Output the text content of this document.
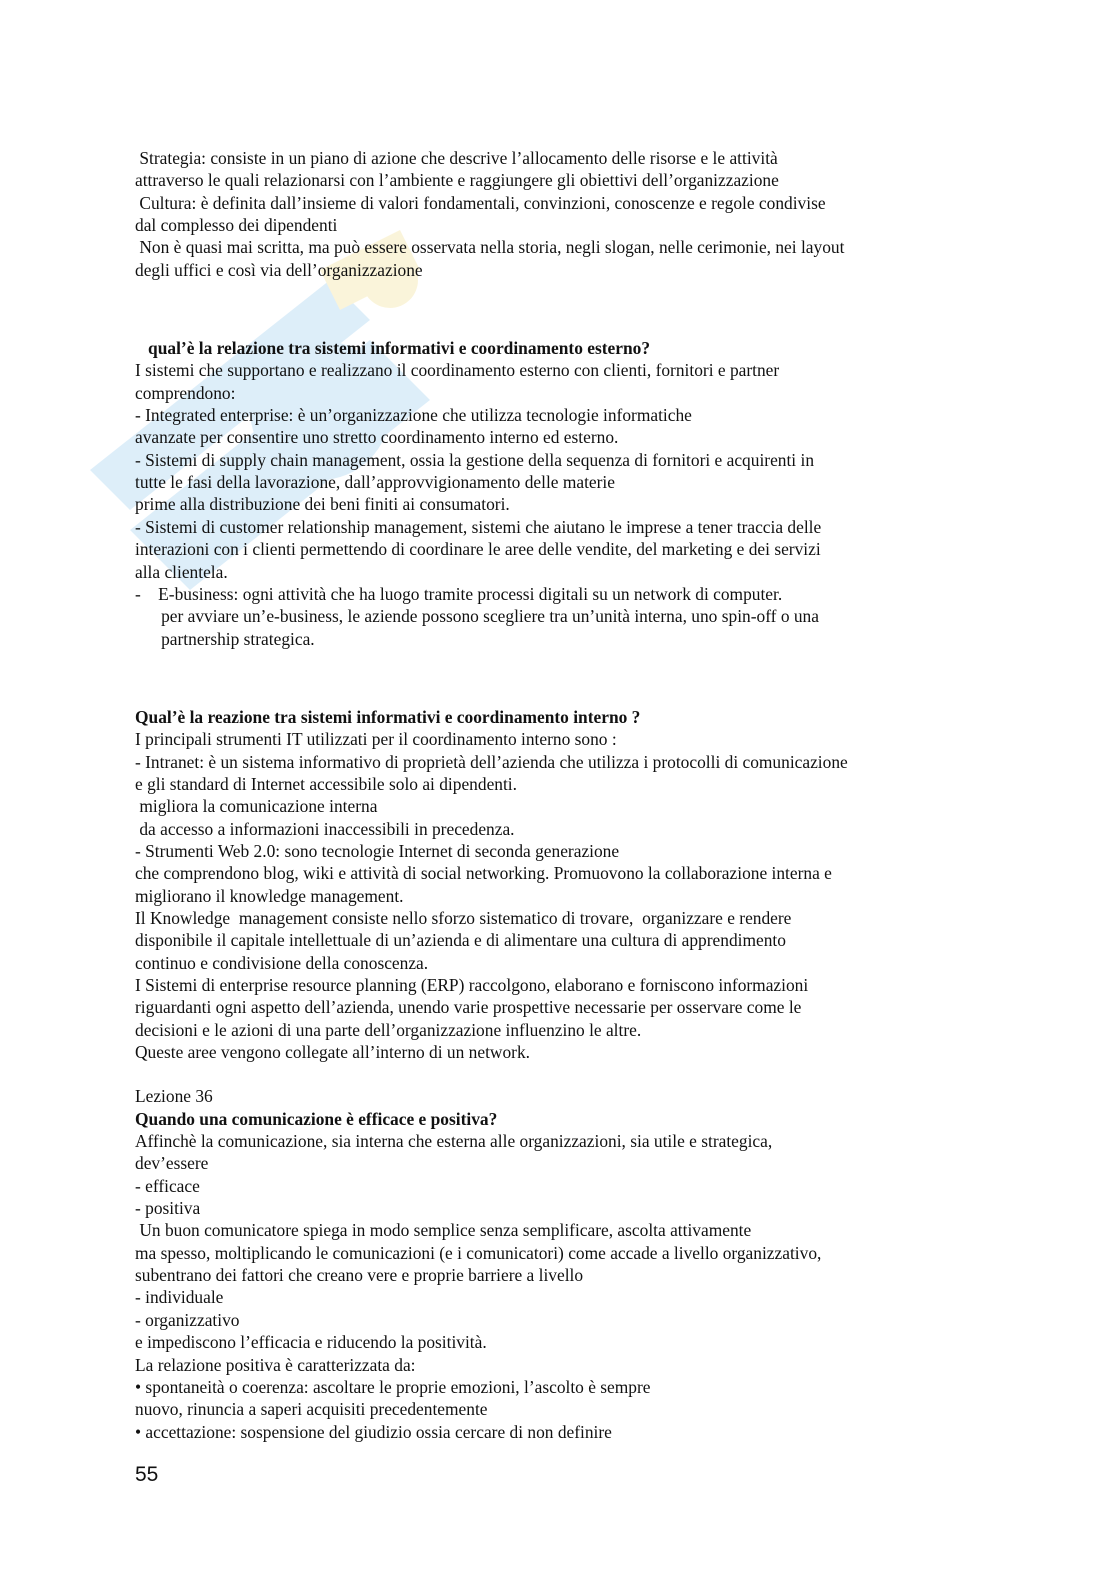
Strategia: consiste in un piano di azione che descrive l’allocamento delle risorse e le attività
attraverso le quali relazionarsi con l’ambiente e raggiungere gli obiettivi dell’organizzazione
Cultura: è definita dall’insieme di valori fondamentali, convinzioni, conoscenze e regole condivise
dal complesso dei dipendenti
Non è quasi mai scritta, ma può essere osservata nella storia, negli slogan, nelle cerimonie, nei layout
degli uffici e così via dell’organizzazione
qual’è la relazione tra sistemi informativi e coordinamento esterno?
I sistemi che supportano e realizzano il coordinamento esterno con clienti, fornitori e partner
comprendono:
- Integrated enterprise: è un’organizzazione che utilizza tecnologie informatiche
avanzate per consentire uno stretto coordinamento interno ed esterno.
- Sistemi di supply chain management, ossia la gestione della sequenza di fornitori e acquirenti in
tutte le fasi della lavorazione, dall’approvvigionamento delle materie
prime alla distribuzione dei beni finiti ai consumatori.
- Sistemi di customer relationship management, sistemi che aiutano le imprese a tener traccia delle
interazioni con i clienti permettendo di coordinare le aree delle vendite, del marketing e dei servizi
alla clientela.
-    E-business: ogni attività che ha luogo tramite processi digitali su un network di computer.
per avviare un’e-business, le aziende possono scegliere tra un’unità interna, uno spin-off o una
partnership strategica.
Qual’è la reazione tra sistemi informativi e coordinamento interno ?
I principali strumenti IT utilizzati per il coordinamento interno sono :
- Intranet: è un sistema informativo di proprietà dell’azienda che utilizza i protocolli di comunicazione
e gli standard di Internet accessibile solo ai dipendenti.
migliora la comunicazione interna
da accesso a informazioni inaccessibili in precedenza.
- Strumenti Web 2.0: sono tecnologie Internet di seconda generazione
che comprendono blog, wiki e attività di social networking. Promuovono la collaborazione interna e
migliorano il knowledge management.
Il Knowledge  management consiste nello sforzo sistematico di trovare,  organizzare e rendere
disponibile il capitale intellettuale di un’azienda e di alimentare una cultura di apprendimento
continuo e condivisione della conoscenza.
I Sistemi di enterprise resource planning (ERP) raccolgono, elaborano e forniscono informazioni
riguardanti ogni aspetto dell’azienda, unendo varie prospettive necessarie per osservare come le
decisioni e le azioni di una parte dell’organizzazione influenzino le altre.
Queste aree vengono collegate all’interno di un network.
Lezione 36
Quando una comunicazione è efficace e positiva?
Affinchè la comunicazione, sia interna che esterna alle organizzazioni, sia utile e strategica,
dev’essere
- efficace
- positiva
Un buon comunicatore spiega in modo semplice senza semplificare, ascolta attivamente
ma spesso, moltiplicando le comunicazioni (e i comunicatori) come accade a livello organizzativo,
subentrano dei fattori che creano vere e proprie barriere a livello
- individuale
- organizzativo
e impediscono l’efficacia e riducendo la positività.
La relazione positiva è caratterizzata da:
• spontaneità o coerenza: ascoltare le proprie emozioni, l’ascolto è sempre
nuovo, rinuncia a saperi acquisiti precedentemente
• accettazione: sospensione del giudizio ossia cercare di non definire
55
